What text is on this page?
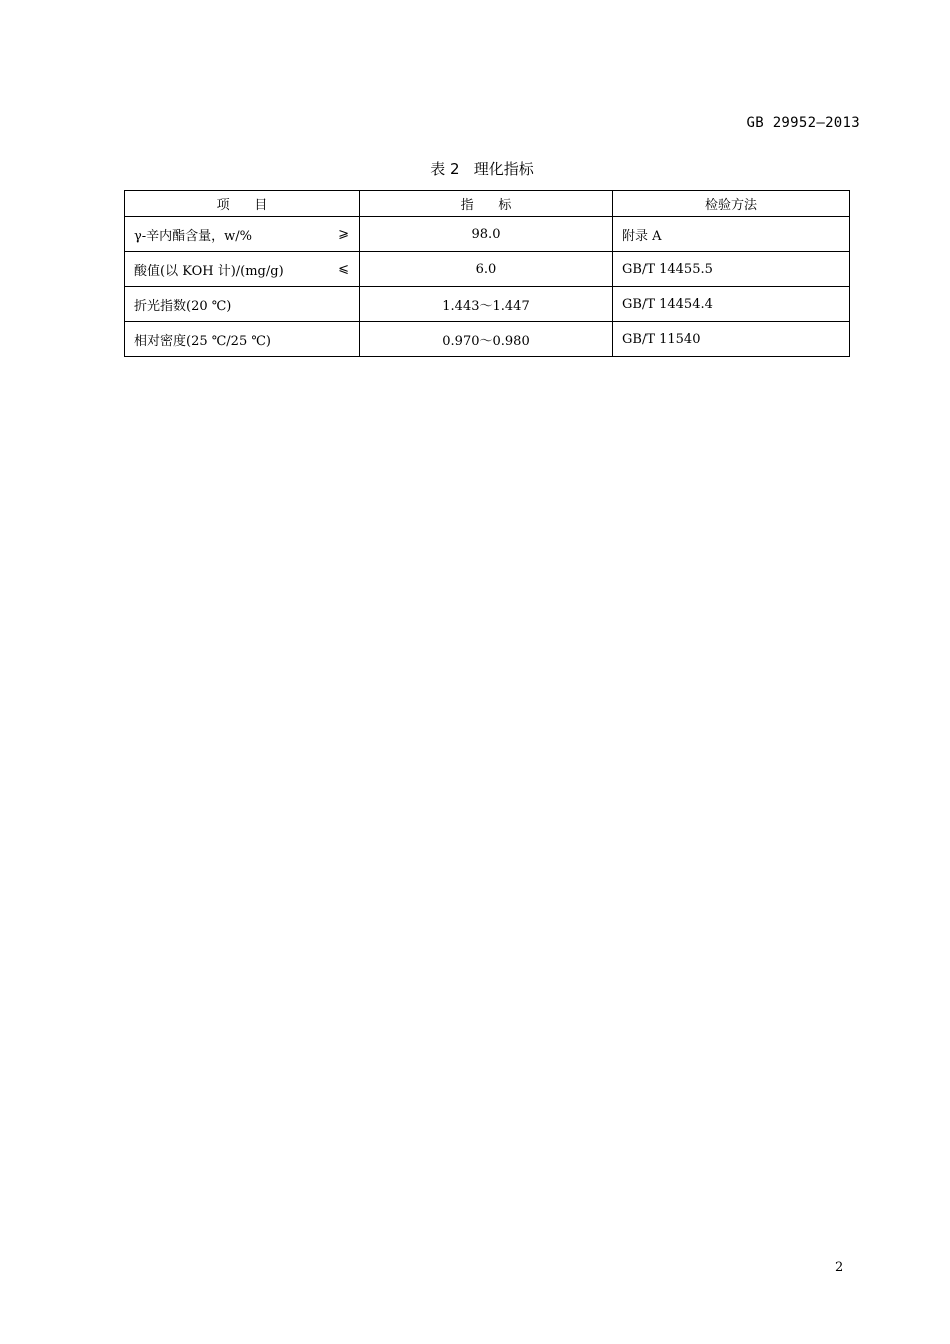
GB 29952—2013
表 2   理化指标
项      目	指      标	检验方法
γ-辛内酯含量，w/% ⩾	98.0	附录 A
酸值(以 KOH 计)/(mg/g) ⩽	6.0	GB/T 14455.5
折光指数(20 ℃)	1.443～1.447	GB/T 14454.4
相对密度(25 ℃/25 ℃)	0.970～0.980	GB/T 11540
2
